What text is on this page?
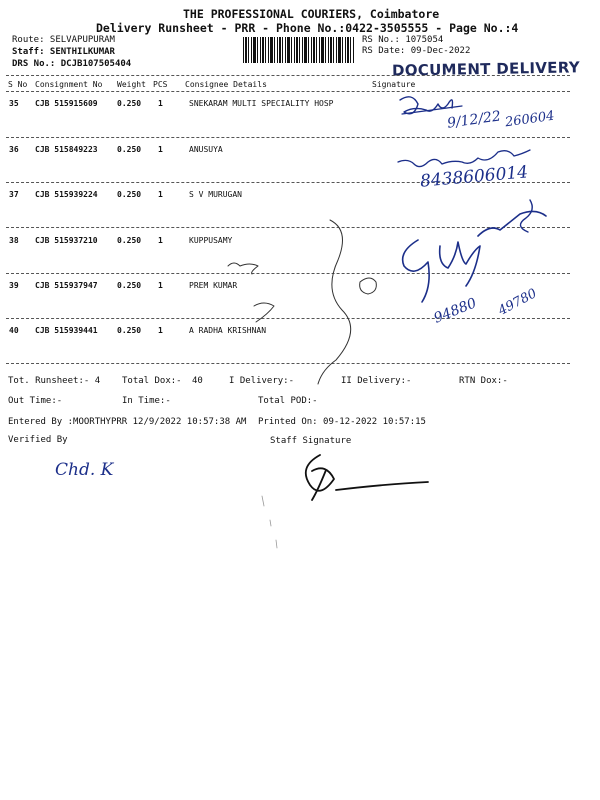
THE PROFESSIONAL COURIERS, Coimbatore
Delivery Runsheet - PRR - Phone No.:0422-3505555 - Page No.:4
Route: SELVAPUPURAM
Staff: SENTHILKUMAR
DRS No.: DCJB107505404
RS No.: 1075054
RS Date: 09-Dec-2022
DOCUMENT DELIVERY
S No Consignment No Weight PCS Consignee Details	Signature
35 CJB 515915609 0.250 1	SNEKARAM MULTI SPECIALITY HOSP
36 CJB 515849223 0.250 1	ANUSUYA
37 CJB 515939224 0.250 1	S V MURUGAN
38 CJB 515937210 0.250 1	KUPPUSAMY
39 CJB 515937947 0.250 1	PREM KUMAR
40 CJB 515939441 0.250 1	A RADHA KRISHNAN
Tot. Runsheet:- 4 Total Dox:- 40	I Delivery:-	II Delivery:-	RTN Dox:-
Out Time:-	In Time:-	Total POD:-
Entered By :MOORTHYPRR 12/9/2022 10:57:38 AM Printed On: 09-12-2022 10:57:15
Verified By	Staff Signature
9/12/22 260604
8438606014
94880 49780
Chd. K
